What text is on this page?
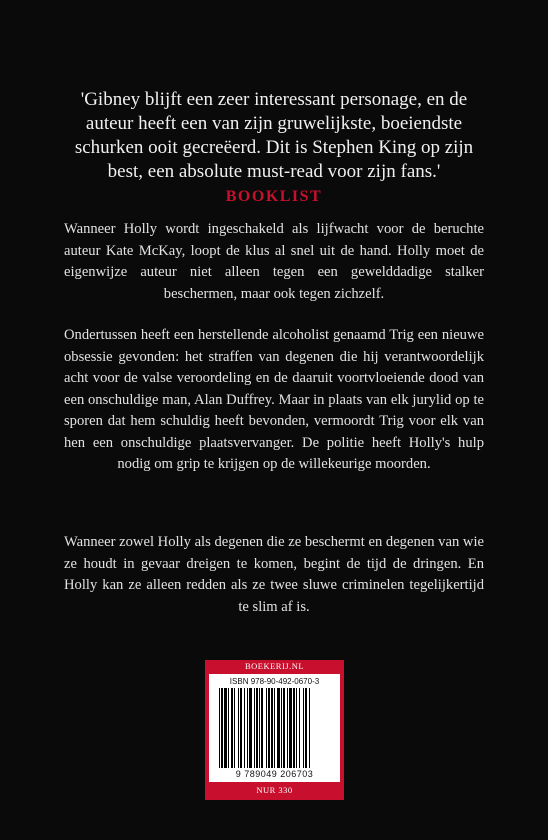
'Gibney blijft een zeer interessant personage, en de auteur heeft een van zijn gruwelijkste, boeiendste schurken ooit gecreëerd. Dit is Stephen King op zijn best, een absolute must-read voor zijn fans.' BOOKLIST
Wanneer Holly wordt ingeschakeld als lijfwacht voor de beruchte auteur Kate McKay, loopt de klus al snel uit de hand. Holly moet de eigenwijze auteur niet alleen tegen een gewelddadige stalker beschermen, maar ook tegen zichzelf.
Ondertussen heeft een herstellende alcoholist genaamd Trig een nieuwe obsessie gevonden: het straffen van degenen die hij verantwoordelijk acht voor de valse veroordeling en de daaruit voortvloeiende dood van een onschuldige man, Alan Duffrey. Maar in plaats van elk jurylid op te sporen dat hem schuldig heeft bevonden, vermoordt Trig voor elk van hen een onschuldige plaatsvervanger. De politie heeft Holly's hulp nodig om grip te krijgen op de willekeurige moorden.
Wanneer zowel Holly als degenen die ze beschermt en degenen van wie ze houdt in gevaar dreigen te komen, begint de tijd de dringen. En Holly kan ze alleen redden als ze twee sluwe criminelen tegelijkertijd te slim af is.
BOEKERIJ.NL
ISBN 978-90-492-0670-3
9 789049 206703
NUR 330
